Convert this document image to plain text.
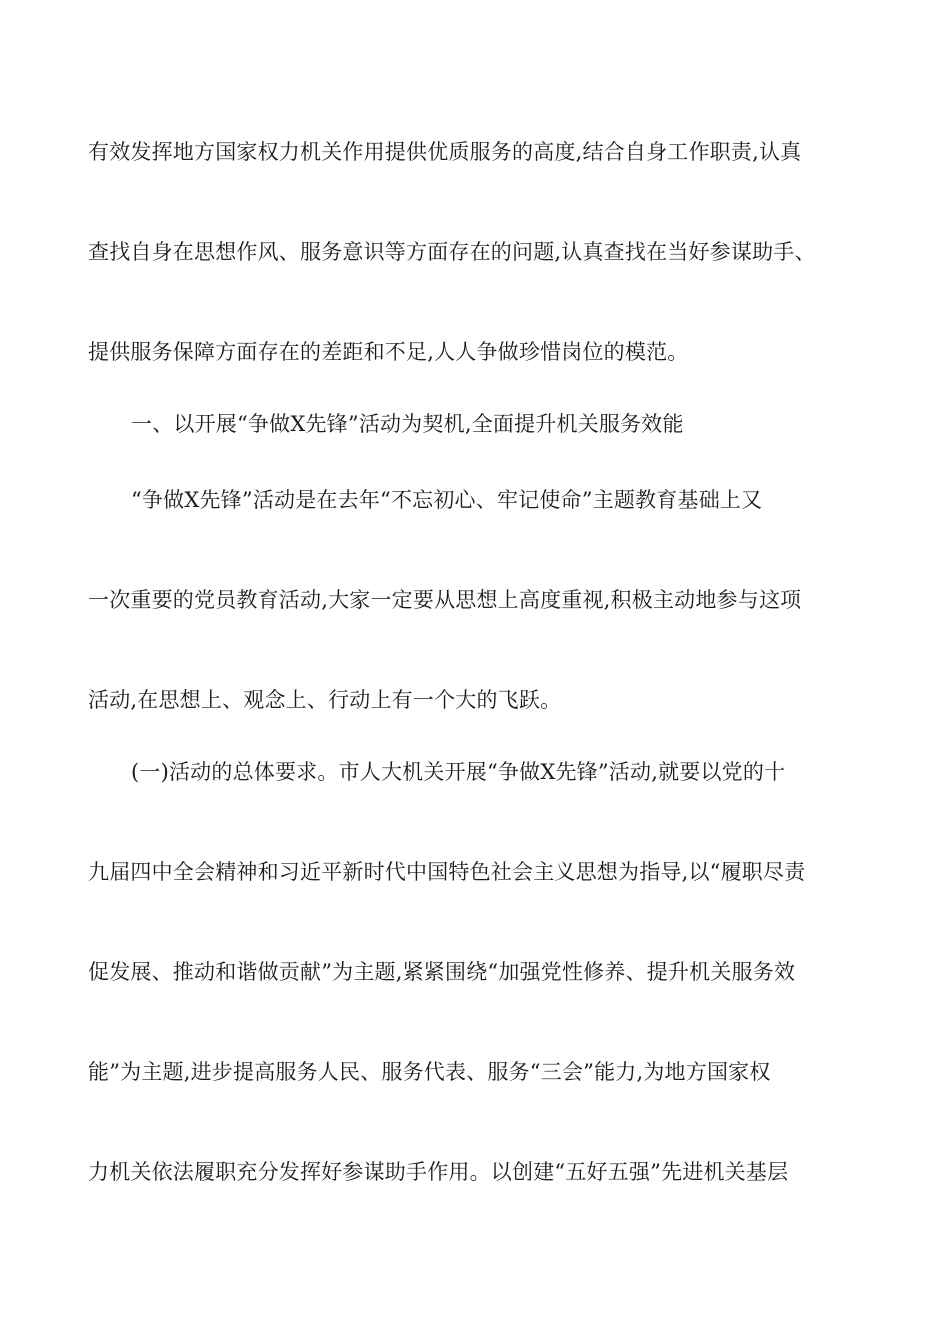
有效发挥地方国家权力机关作用提供优质服务的高度,结合自身工作职责,认真
查找自身在思想作风、服务意识等方面存在的问题,认真查找在当好参谋助手、
提供服务保障方面存在的差距和不足,人人争做珍惜岗位的模范。
一、以开展“争做X先锋”活动为契机,全面提升机关服务效能
“争做X先锋”活动是在去年“不忘初心、牢记使命”主题教育基础上又
一次重要的党员教育活动,大家一定要从思想上高度重视,积极主动地参与这项
活动,在思想上、观念上、行动上有一个大的飞跃。
(一)活动的总体要求。市人大机关开展“争做X先锋”活动,就要以党的十
九届四中全会精神和习近平新时代中国特色社会主义思想为指导,以“履职尽责
促发展、推动和谐做贡献”为主题,紧紧围绕“加强党性修养、提升机关服务效
能”为主题,进步提高服务人民、服务代表、服务“三会”能力,为地方国家权
力机关依法履职充分发挥好参谋助手作用。以创建“五好五强”先进机关基层
